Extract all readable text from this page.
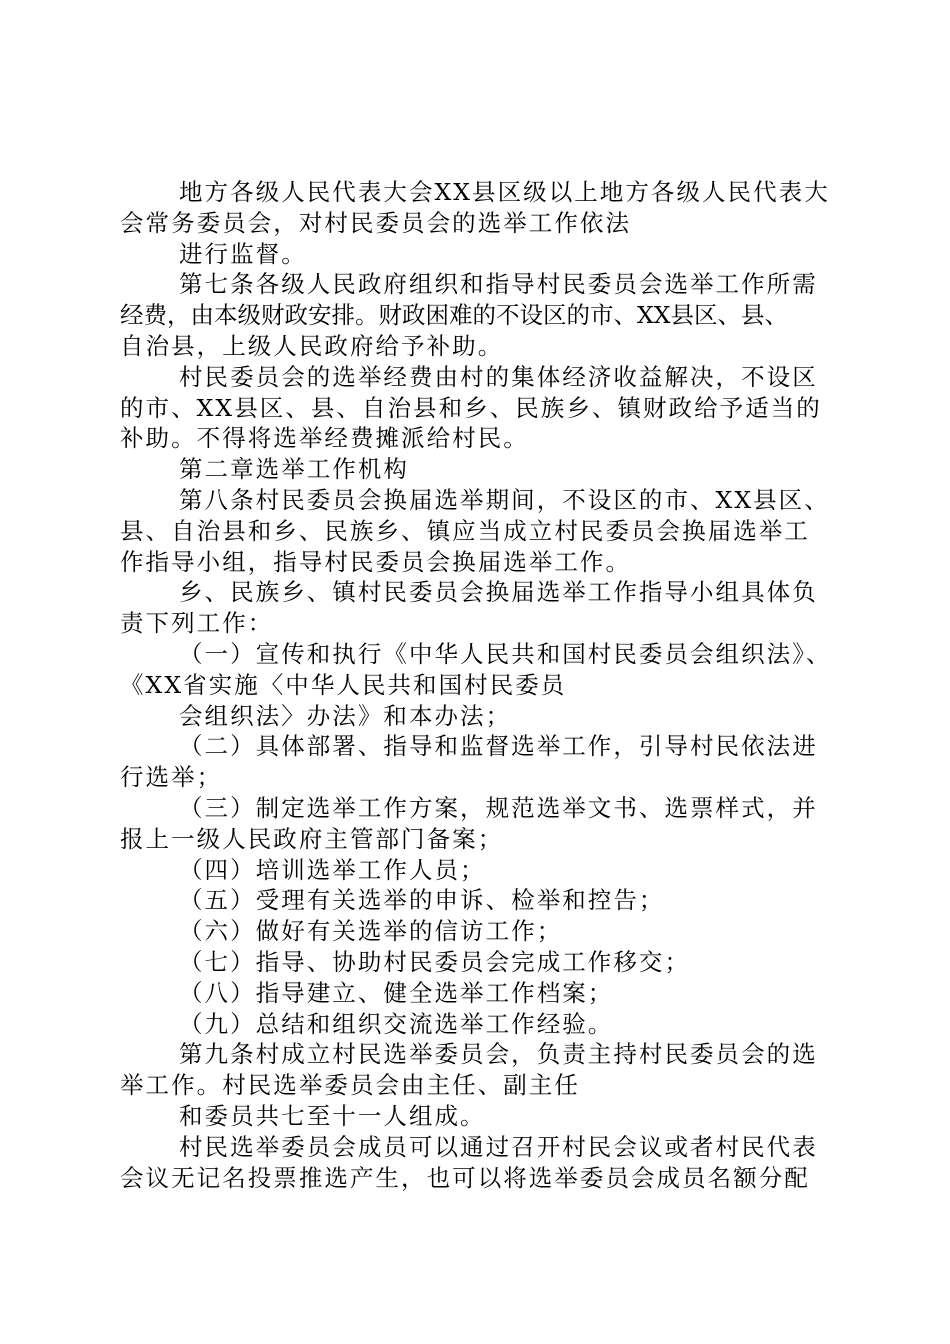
地方各级人民代表大会XX县区级以上地方各级人民代表大
会常务委员会，对村民委员会的选举工作依法
进行监督。
第七条各级人民政府组织和指导村民委员会选举工作所需
经费，由本级财政安排。财政困难的不设区的市、XX县区、县、
自治县，上级人民政府给予补助。
村民委员会的选举经费由村的集体经济收益解决，不设区
的市、XX县区、县、自治县和乡、民族乡、镇财政给予适当的
补助。不得将选举经费摊派给村民。
第二章选举工作机构
第八条村民委员会换届选举期间，不设区的市、XX县区、
县、自治县和乡、民族乡、镇应当成立村民委员会换届选举工
作指导小组，指导村民委员会换届选举工作。
乡、民族乡、镇村民委员会换届选举工作指导小组具体负
责下列工作：
（一）宣传和执行《中华人民共和国村民委员会组织法》、
《XX省实施〈中华人民共和国村民委员
会组织法〉办法》和本办法；
（二）具体部署、指导和监督选举工作，引导村民依法进
行选举；
（三）制定选举工作方案，规范选举文书、选票样式，并
报上一级人民政府主管部门备案；
（四）培训选举工作人员；
（五）受理有关选举的申诉、检举和控告；
（六）做好有关选举的信访工作；
（七）指导、协助村民委员会完成工作移交；
（八）指导建立、健全选举工作档案；
（九）总结和组织交流选举工作经验。
第九条村成立村民选举委员会，负责主持村民委员会的选
举工作。村民选举委员会由主任、副主任
和委员共七至十一人组成。
村民选举委员会成员可以通过召开村民会议或者村民代表
会议无记名投票推选产生，也可以将选举委员会成员名额分配
